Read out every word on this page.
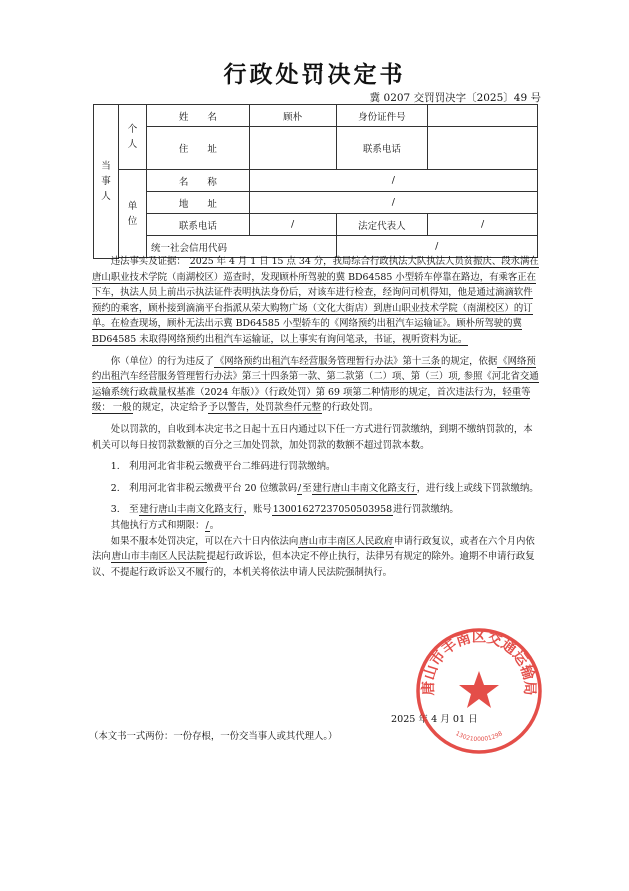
行政处罚决定书
冀 0207 交罚罚决字〔2025〕49 号
当事人	个人	姓　　名	顾朴	身份证件号	
		住　　址		联系电话	
	单位	名　　称	/		
		地　　址	/		
		联系电话	/	法定代表人	/
		统一社会信用代码		/	

违法事实及证据： 2025 年 4 月 1 日 15 点 34 分，我局综合行政执法大队执法人员贫振庆、段永满在唐山职业技术学院（南湖校区）巡查时，发现顾朴所驾驶的冀 BD64585 小型轿车停靠在路边，有乘客正在下车，执法人员上前出示执法证件表明执法身份后，对该车进行检查，经询问司机得知，他是通过滴滴软件预约的乘客，顾朴接到滴滴平台指派从荣大购物广场（文化大街店）到唐山职业技术学院（南湖校区）的订单。在检查现场，顾朴无法出示冀 BD64585 小型轿车的《网络预约出租汽车运输证》。顾朴所驾驶的冀 BD64585 未取得网络预约出租汽车运输证，以上事实有询问笔录，书证，视听资料为证。

你（单位）的行为违反了《网络预约出租汽车经营服务管理暂行办法》第十三条的规定，依据《网络预约出租汽车经营服务管理暂行办法》第三十四条第一款、第二款第（二）项、第（三）项, 参照《河北省交通运输系统行政裁量权基准（2024 年版）》（行政处罚）第 69 项第二种情形的规定，首次违法行为，轻重等级： 一般的规定，决定给予予以警告，处罚款叁仟元整的行政处罚。

处以罚款的，自收到本决定书之日起十五日内通过以下任一方式进行罚款缴纳，到期不缴纳罚款的，本机关可以每日按罚款数额的百分之三加处罚款，加处罚款的数额不超过罚款本数。

1.　利用河北省非税云缴费平台二维码进行罚款缴纳。

2.　利用河北省非税云缴费平台 20 位缴款码/至建行唐山丰南文化路支行，进行线上或线下罚款缴纳。

3.　至建行唐山丰南文化路支行，账号13001627237050503958进行罚款缴纳。

其他执行方式和期限：/。

如果不服本处罚决定，可以在六十日内依法向唐山市丰南区人民政府申请行政复议，或者在六个月内依法向唐山市丰南区人民法院提起行政诉讼，但本决定不停止执行，法律另有规定的除外。逾期不申请行政复议、不提起行政诉讼又不履行的，本机关将依法申请人民法院强制执行。

2025 年 4 月 01 日
唐山市丰南区交通运输局
1302100001298
（本文书一式两份：一份存根，一份交当事人或其代理人。）
